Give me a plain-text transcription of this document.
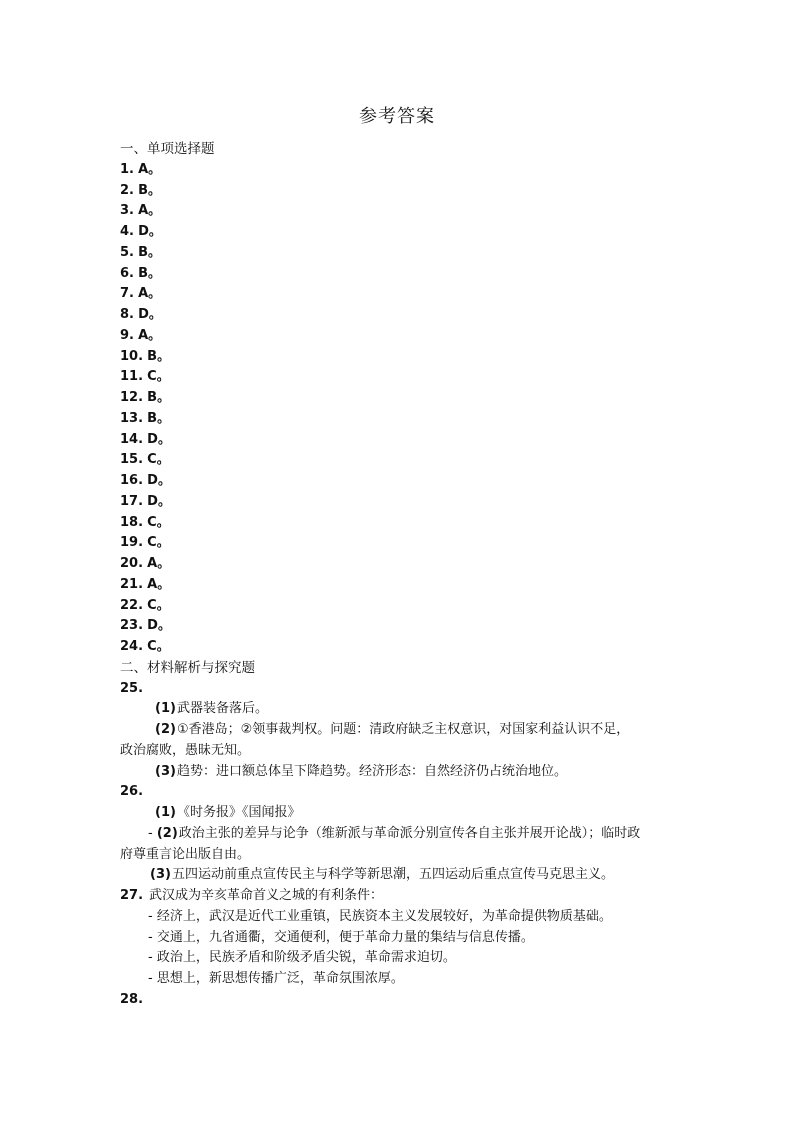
参考答案
一、单项选择题
1. A。
2. B。
3. A。
4. D。
5. B。
6. B。
7. A。
8. D。
9. A。
10. B。
11. C。
12. B。
13. B。
14. D。
15. C。
16. D。
17. D。
18. C。
19. C。
20. A。
21. A。
22. C。
23. D。
24. C。
二、材料解析与探究题
25.
(1)武器装备落后。
(2)①香港岛；②领事裁判权。问题：清政府缺乏主权意识，对国家利益认识不足，
政治腐败，愚昧无知。
(3)趋势：进口额总体呈下降趋势。经济形态：自然经济仍占统治地位。
26.
(1)《时务报》《国闻报》
- (2)政治主张的差异与论争（维新派与革命派分别宣传各自主张并展开论战）；临时政
府尊重言论出版自由。
(3)五四运动前重点宣传民主与科学等新思潮，五四运动后重点宣传马克思主义。
27. 武汉成为辛亥革命首义之城的有利条件：
- 经济上，武汉是近代工业重镇，民族资本主义发展较好，为革命提供物质基础。
- 交通上，九省通衢，交通便利，便于革命力量的集结与信息传播。
- 政治上，民族矛盾和阶级矛盾尖锐，革命需求迫切。
- 思想上，新思想传播广泛，革命氛围浓厚。
28.
